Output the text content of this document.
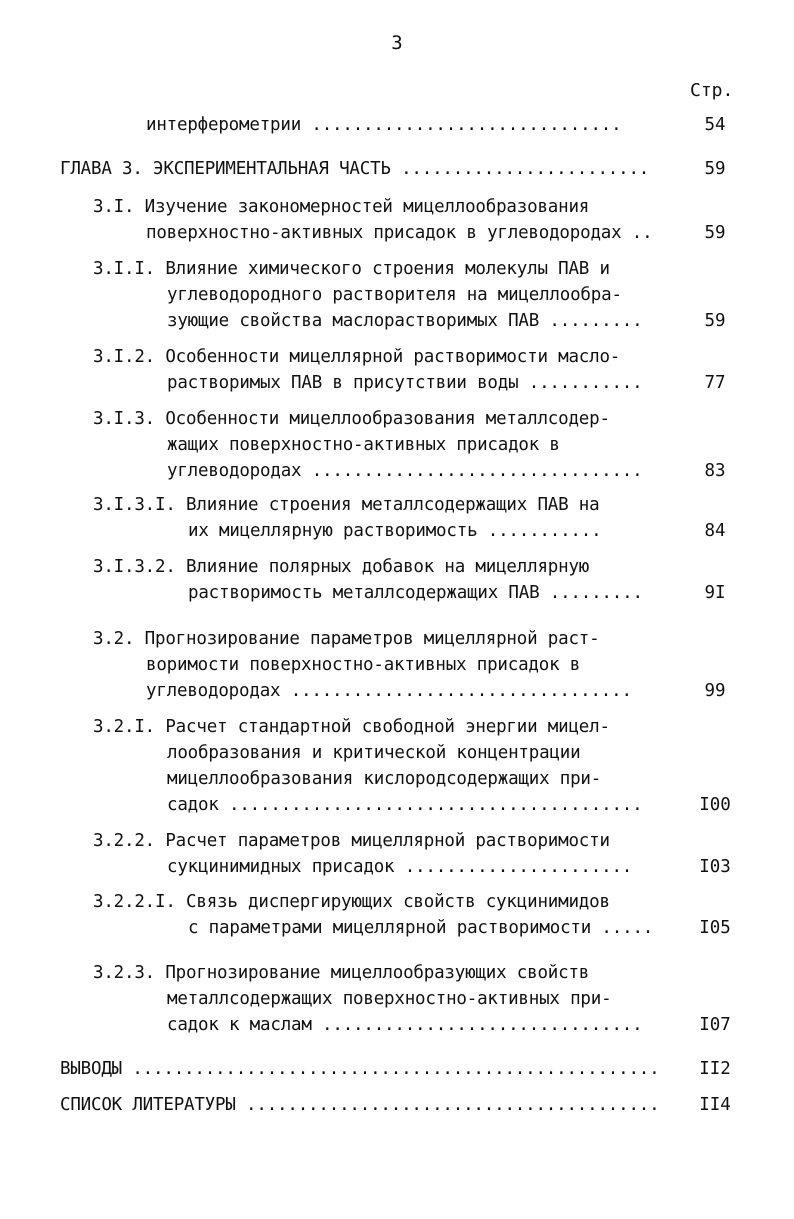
3
Стр.
интерферометрии ..............................	54
ГЛАВА 3. ЭКСПЕРИМЕНТАЛЬНАЯ ЧАСТЬ ........................	59
3.I. Изучение закономерностей мицеллообразования
поверхностно-активных присадок в углеводородах ..	59
3.I.I. Влияние химического строения молекулы ПАВ и
углеводородного растворителя на мицеллообра-
зующие свойства маслорастворимых ПАВ .........	59
3.I.2. Особенности мицеллярной растворимости масло-
растворимых ПАВ в присутствии воды ...........	77
3.I.3. Особенности мицеллообразования металлсодер-
жащих поверхностно-активных присадок в
углеводородах ................................	83
3.I.3.I. Влияние строения металлсодержащих ПАВ на
их мицеллярную растворимость ...........	84
3.I.3.2. Влияние полярных добавок на мицеллярную
растворимость металлсодержащих ПАВ .........	9I
3.2. Прогнозирование параметров мицеллярной раст-
воримости поверхностно-активных присадок в
углеводородах .................................	99
3.2.I. Расчет стандартной свободной энергии мицел-
лообразования и критической концентрации
мицеллообразования кислородсодержащих при-
садок ........................................	I00
3.2.2. Расчет параметров мицеллярной растворимости
сукцинимидных присадок ......................	I03
3.2.2.I. Связь диспергирующих свойств сукцинимидов
с параметрами мицеллярной растворимости .....	I05
3.2.3. Прогнозирование мицеллообразующих свойств
металлсодержащих поверхностно-активных при-
садок к маслам ...............................	I07
ВЫВОДЫ ...................................................	II2
СПИСОК ЛИТЕРАТУРЫ ........................................	II4
